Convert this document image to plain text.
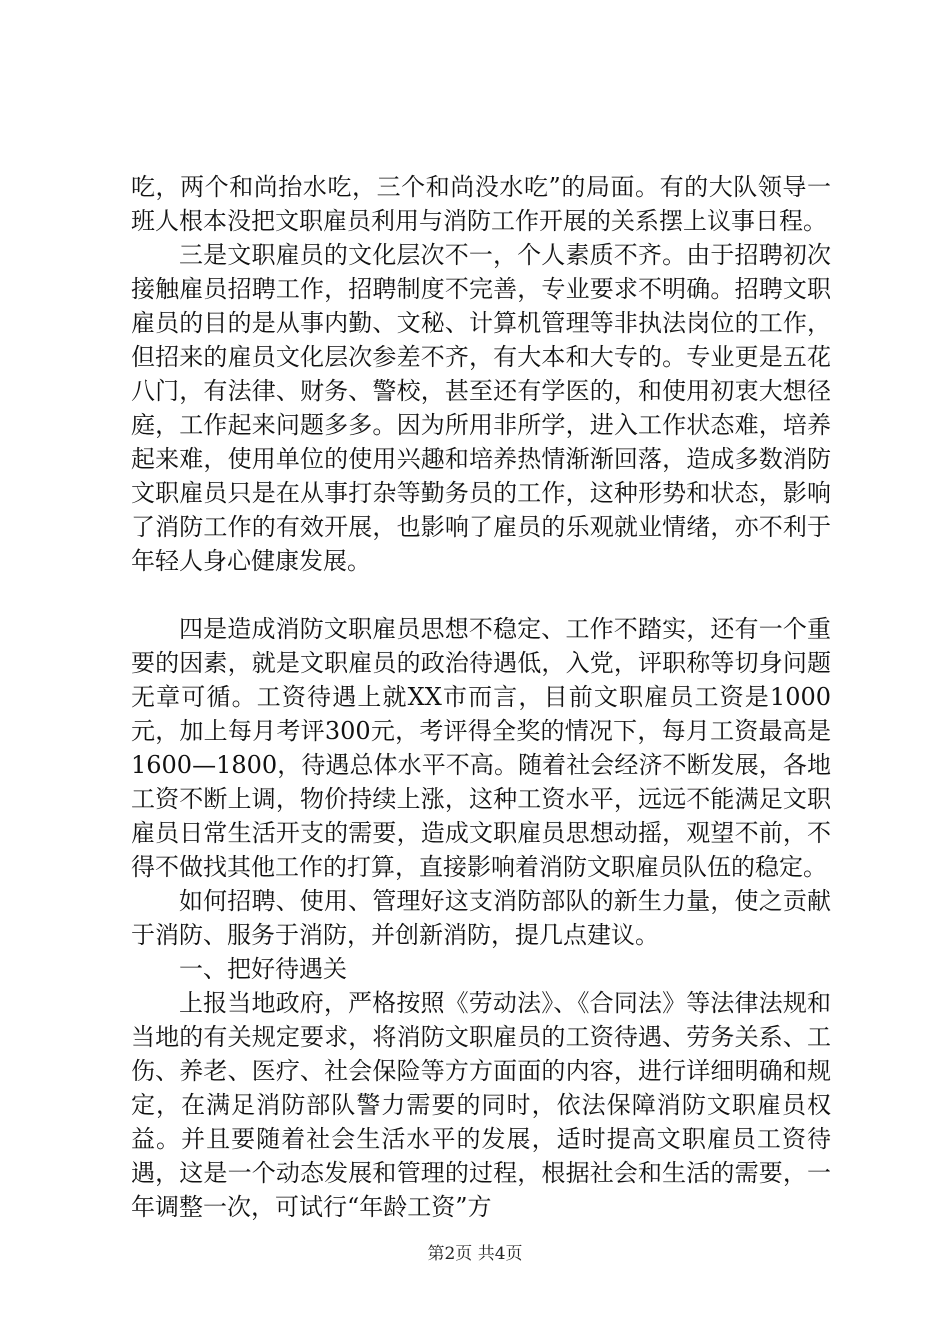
吃，两个和尚抬水吃，三个和尚没水吃”的局面。有的大队领导一班人根本没把文职雇员利用与消防工作开展的关系摆上议事日程。

三是文职雇员的文化层次不一，个人素质不齐。由于招聘初次接触雇员招聘工作，招聘制度不完善，专业要求不明确。招聘文职雇员的目的是从事内勤、文秘、计算机管理等非执法岗位的工作，但招来的雇员文化层次参差不齐，有大本和大专的。专业更是五花八门，有法律、财务、警校，甚至还有学医的，和使用初衷大想径庭，工作起来问题多多。因为所用非所学，进入工作状态难，培养起来难，使用单位的使用兴趣和培养热情渐渐回落，造成多数消防文职雇员只是在从事打杂等勤务员的工作，这种形势和状态，影响了消防工作的有效开展，也影响了雇员的乐观就业情绪，亦不利于年轻人身心健康发展。

四是造成消防文职雇员思想不稳定、工作不踏实，还有一个重要的因素，就是文职雇员的政治待遇低，入党，评职称等切身问题无章可循。工资待遇上就XX市而言，目前文职雇员工资是1000元，加上每月考评300元，考评得全奖的情况下，每月工资最高是1600—1800，待遇总体水平不高。随着社会经济不断发展，各地工资不断上调，物价持续上涨，这种工资水平，远远不能满足文职雇员日常生活开支的需要，造成文职雇员思想动摇，观望不前，不得不做找其他工作的打算，直接影响着消防文职雇员队伍的稳定。

如何招聘、使用、管理好这支消防部队的新生力量，使之贡献于消防、服务于消防，并创新消防，提几点建议。

一、把好待遇关

上报当地政府，严格按照《劳动法》、《合同法》等法律法规和当地的有关规定要求，将消防文职雇员的工资待遇、劳务关系、工伤、养老、医疗、社会保险等方方面面的内容，进行详细明确和规定，在满足消防部队警力需要的同时，依法保障消防文职雇员权益。并且要随着社会生活水平的发展，适时提高文职雇员工资待遇，这是一个动态发展和管理的过程，根据社会和生活的需要，一年调整一次，可试行“年龄工资”方

第2页 共4页
